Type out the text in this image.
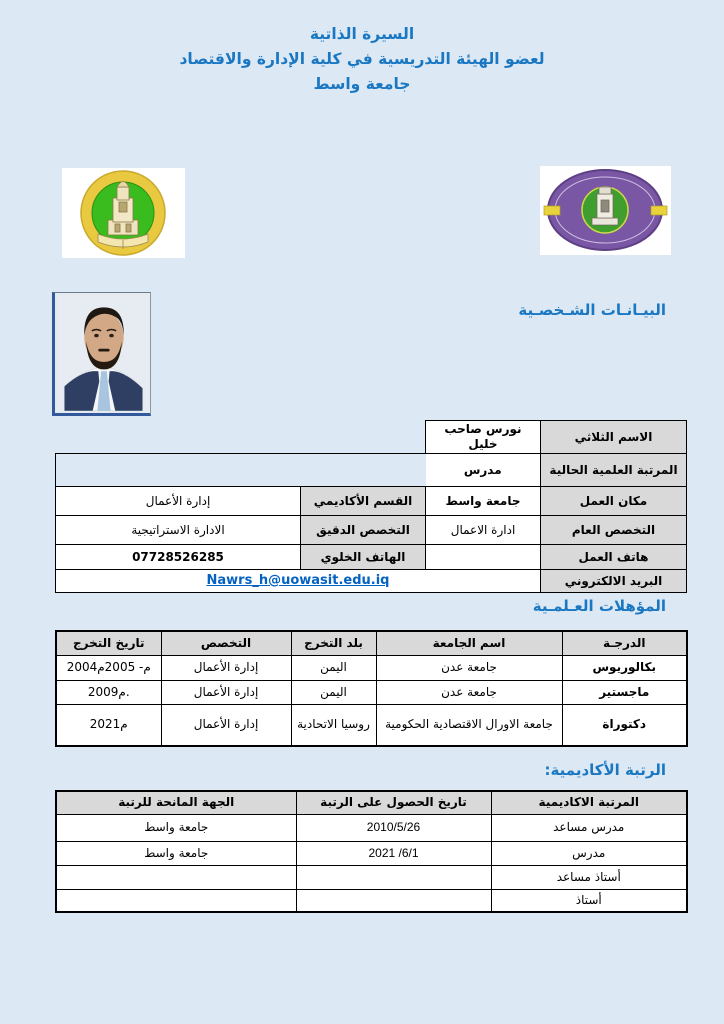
السيرة الذاتية
لعضو الهيئة التدريسية في كلية الإدارة والاقتصاد
جامعة واسط
البيـانـات الشـخصـية
الاسم الثلاثي	نورس صاحب خليل		
المرتبة العلمية الحالية	مدرس		
مكان العمل	جامعة واسط	القسم الأكاديمي	إدارة الأعمال
التخصص العام	ادارة الاعمال	التخصص الدقيق	الادارة الاستراتيجية
هاتف العمل		الهاتف الخلوي	07728526285
البريد الالكتروني	Nawrs_h@uowasit.edu.iq		
المؤهلات العـلمـية
الدرجـة	اسم الجامعة	بلد التخرج	التخصص	تاريخ التخرج
بكالوريوس	جامعة عدن	اليمن	إدارة الأعمال	2004م- 2005م
ماجستير	جامعة عدن	اليمن	إدارة الأعمال	2009م.
دكتوراة	جامعة الاورال الاقتصادية الحكومية	روسيا الاتحادية	إدارة الأعمال	2021م
الرتبة الأكاديمية:
المرتبة الاكاديمية	تاريخ الحصول على الرتبة	الجهة المانحة للرتبة
مدرس مساعد	2010/5/26	جامعة واسط
مدرس	2021 /6/1	جامعة واسط
أستاذ مساعد		
أستاذ		
